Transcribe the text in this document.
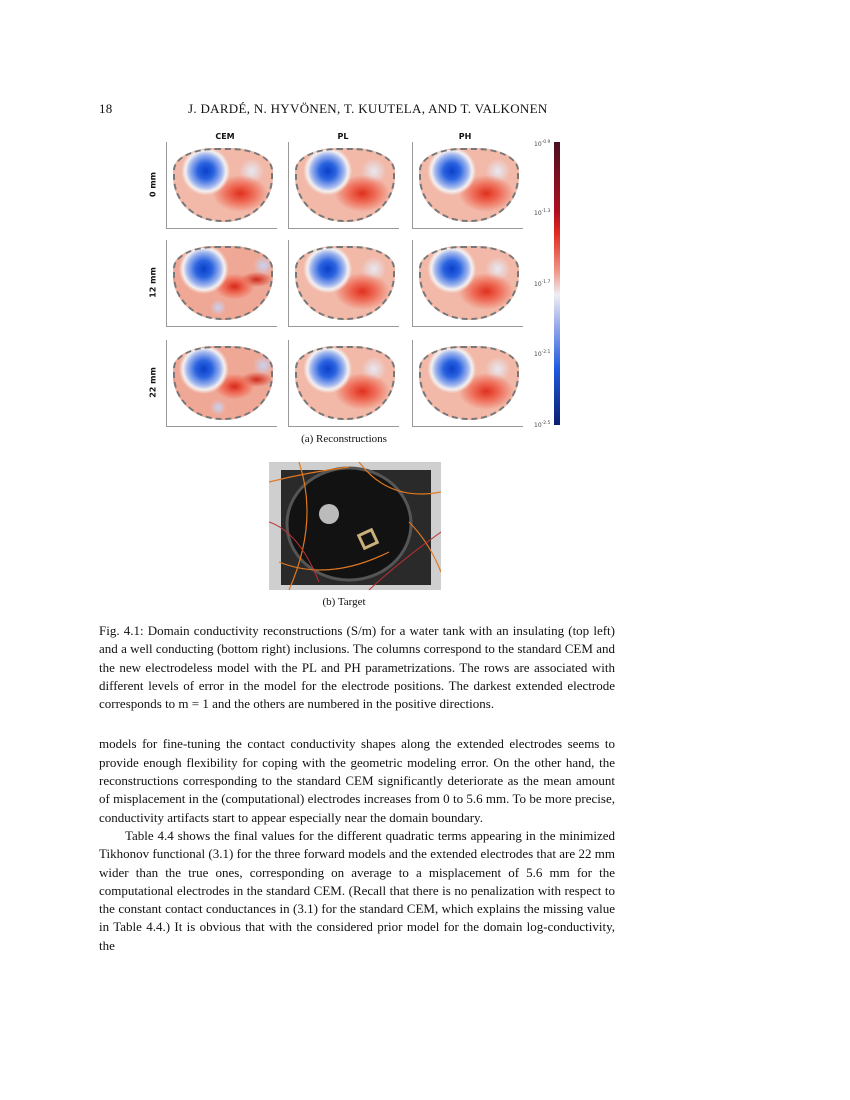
18	J. DARDÉ, N. HYVÖNEN, T. KUUTELA, AND T. VALKONEN
CEM	PL	PH
0 mm
12 mm
22 mm
$10^{-0.9}$
$10^{-1.3}$
$10^{-1.7}$
$10^{-2.1}$
$10^{-2.5}$
(a) Reconstructions
(b) Target

Fig. 4.1: Domain conductivity reconstructions (S/m) for a water tank with an insulating (top left) and a well conducting (bottom right) inclusions. The columns correspond to the standard CEM and the new electrodeless model with the PL and PH parametrizations. The rows are associated with different levels of error in the model for the electrode positions. The darkest extended electrode corresponds to m = 1 and the others are numbered in the positive directions.

models for fine-tuning the contact conductivity shapes along the extended electrodes seems to provide enough flexibility for coping with the geometric modeling error. On the other hand, the reconstructions corresponding to the standard CEM significantly deteriorate as the mean amount of misplacement in the (computational) electrodes increases from 0 to 5.6 mm. To be more precise, conductivity artifacts start to appear especially near the domain boundary.

Table 4.4 shows the final values for the different quadratic terms appearing in the minimized Tikhonov functional (3.1) for the three forward models and the extended electrodes that are 22 mm wider than the true ones, corresponding on average to a misplacement of 5.6 mm for the computational electrodes in the standard CEM. (Recall that there is no penalization with respect to the constant contact conductances in (3.1) for the standard CEM, which explains the missing value in Table 4.4.) It is obvious that with the considered prior model for the domain log-conductivity, the
